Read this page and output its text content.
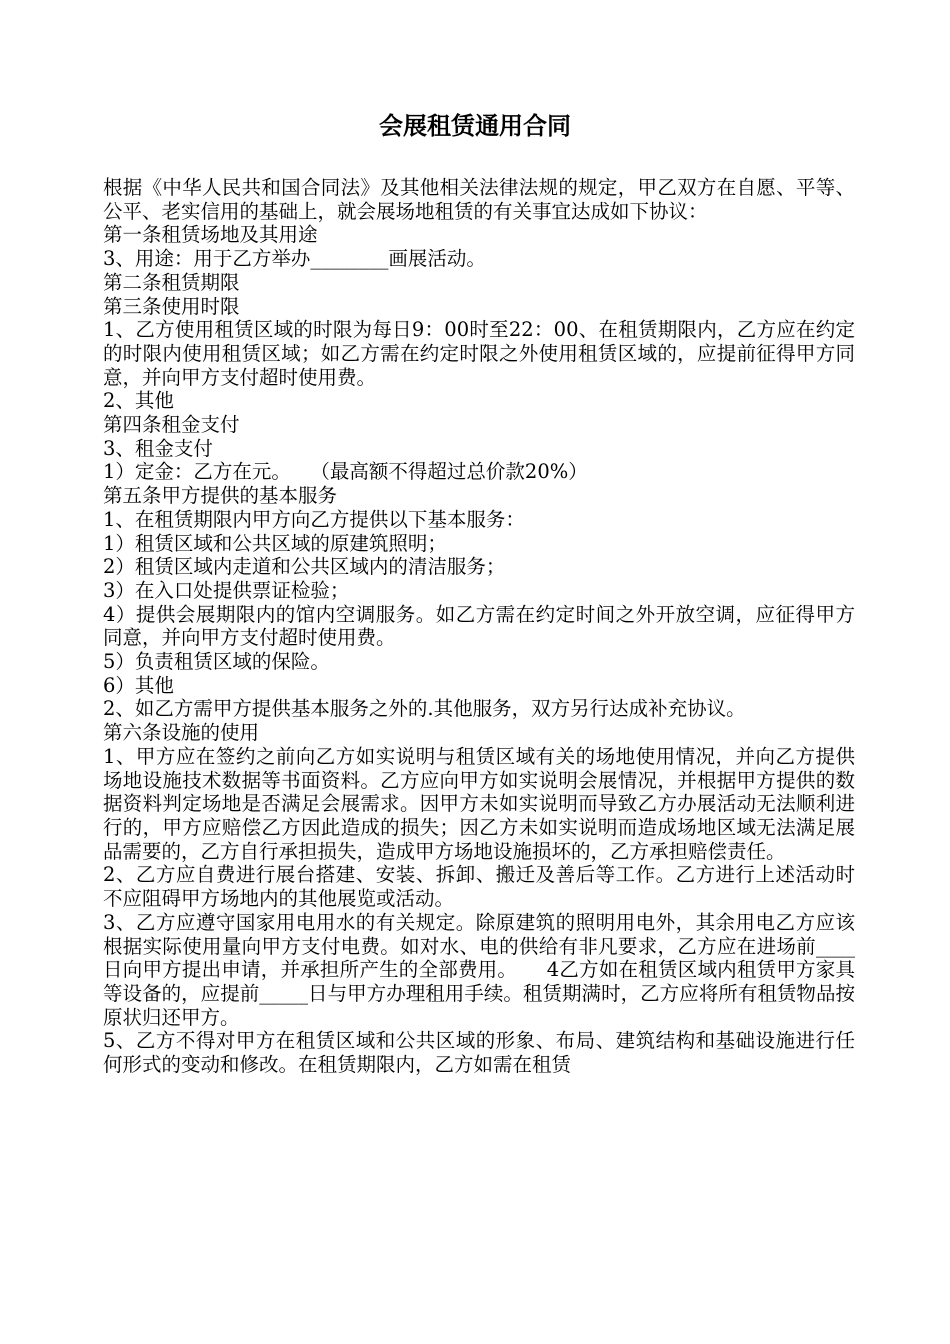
会展租赁通用合同

根据《中华人民共和国合同法》及其他相关法律法规的规定，甲乙双方在自愿、平等、公平、老实信用的基础上，就会展场地租赁的有关事宜达成如下协议：

第一条租赁场地及其用途

3、用途：用于乙方举办________画展活动。

第二条租赁期限

第三条使用时限

1、乙方使用租赁区域的时限为每日9：00时至22：00、在租赁期限内，乙方应在约定的时限内使用租赁区域；如乙方需在约定时限之外使用租赁区域的，应提前征得甲方同意，并向甲方支付超时使用费。

2、其他

第四条租金支付

3、租金支付

1）定金：乙方在元。　　（最高额不得超过总价款20%）

第五条甲方提供的基本服务

1、在租赁期限内甲方向乙方提供以下基本服务：

1）租赁区域和公共区域的原建筑照明；

2）租赁区域内走道和公共区域内的清洁服务；

3）在入口处提供票证检验；

4）提供会展期限内的馆内空调服务。如乙方需在约定时间之外开放空调，应征得甲方同意，并向甲方支付超时使用费。

5）负责租赁区域的保险。

6）其他

2、如乙方需甲方提供基本服务之外的.其他服务，双方另行达成补充协议。

第六条设施的使用

1、甲方应在签约之前向乙方如实说明与租赁区域有关的场地使用情况，并向乙方提供场地设施技术数据等书面资料。乙方应向甲方如实说明会展情况，并根据甲方提供的数据资料判定场地是否满足会展需求。因甲方未如实说明而导致乙方办展活动无法顺利进行的，甲方应赔偿乙方因此造成的损失；因乙方未如实说明而造成场地区域无法满足展品需要的，乙方自行承担损失，造成甲方场地设施损坏的，乙方承担赔偿责任。

2、乙方应自费进行展台搭建、安装、拆卸、搬迁及善后等工作。乙方进行上述活动时不应阻碍甲方场地内的其他展览或活动。

3、乙方应遵守国家用电用水的有关规定。除原建筑的照明用电外，其余用电乙方应该根据实际使用量向甲方支付电费。如对水、电的供给有非凡要求，乙方应在进场前____日向甲方提出申请，并承担所产生的全部费用。　　4乙方如在租赁区域内租赁甲方家具等设备的，应提前_____日与甲方办理租用手续。租赁期满时，乙方应将所有租赁物品按原状归还甲方。

5、乙方不得对甲方在租赁区域和公共区域的形象、布局、建筑结构和基础设施进行任何形式的变动和修改。在租赁期限内，乙方如需在租赁
